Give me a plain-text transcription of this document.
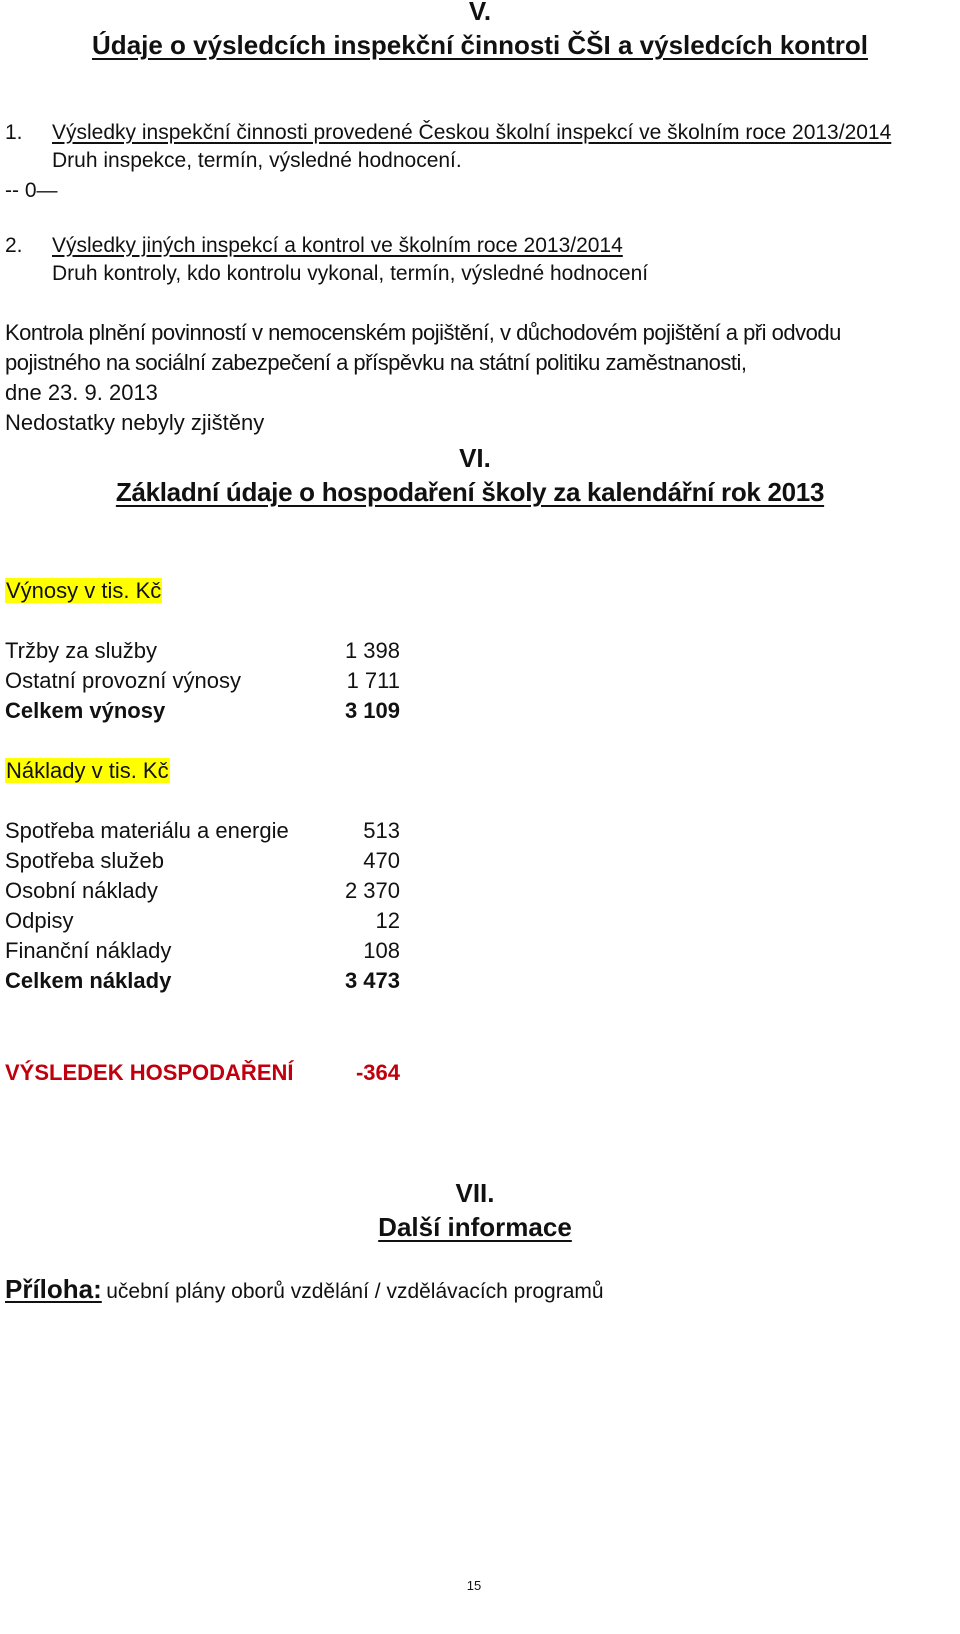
V.
Údaje o výsledcích inspekční činnosti ČŠI a výsledcích kontrol
1. Výsledky inspekční činnosti provedené Českou školní inspekcí ve školním roce 2013/2014
Druh inspekce, termín, výsledné hodnocení.
-- 0—
2. Výsledky jiných inspekcí a kontrol ve školním roce 2013/2014
Druh kontroly, kdo kontrolu vykonal, termín, výsledné hodnocení
Kontrola plnění povinností v nemocenském pojištění, v důchodovém pojištění a při odvodu
pojistného na sociální zabezpečení a příspěvku na státní politiku zaměstnanosti,
dne 23. 9. 2013
Nedostatky nebyly zjištěny
VI.
Základní údaje o hospodaření školy za kalendářní rok 2013
Výnosy v tis. Kč
Tržby za služby	1 398
Ostatní provozní výnosy	1 711
Celkem výnosy	3 109
Náklady v tis. Kč
Spotřeba materiálu a energie	513
Spotřeba služeb	470
Osobní náklady	2 370
Odpisy	12
Finanční náklady	108
Celkem náklady	3 473
VÝSLEDEK HOSPODAŘENÍ	-364
VII.
Další informace
Příloha: učební plány oborů vzdělání / vzdělávacích programů
15
